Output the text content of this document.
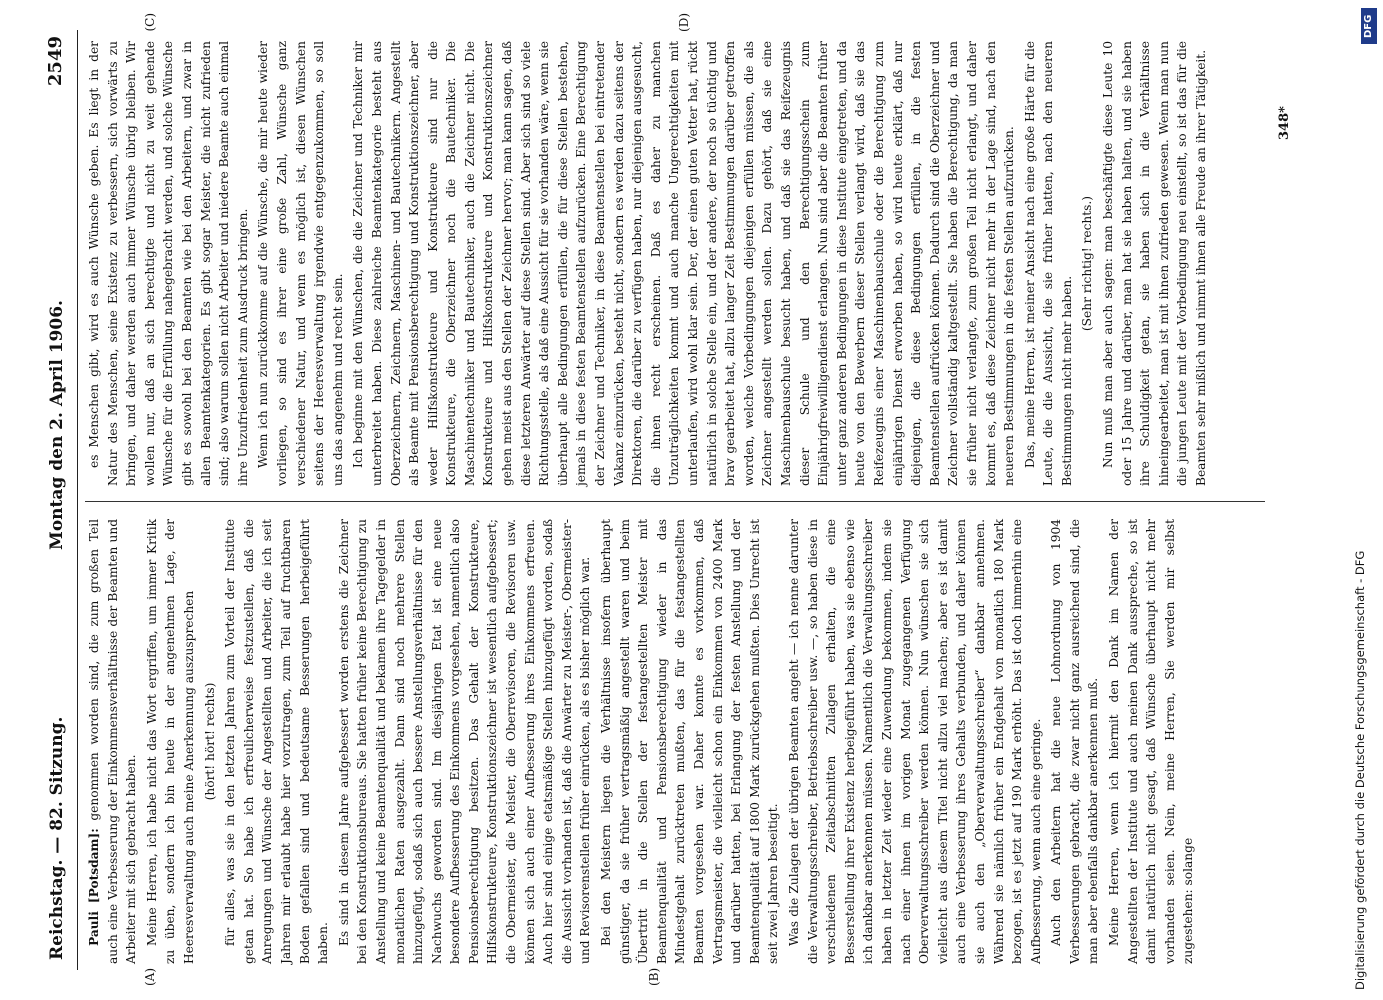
Reichstag. — 82. Sitzung.
Montag den 2. April 1906.
2549
(A)	(B)

Pauli [Potsdam]: genommen worden sind, die zum großen Teil auch eine Verbesserung der Einkommensverhältnisse der Beamten und Arbeiter mit sich gebracht haben. Meine Herren, ich habe nicht das Wort ergriffen, um immer Kritik zu üben, sondern ich bin heute in der angenehmen Lage, der Heeresverwaltung auch meine Anerkennung auszusprechen (hört! hört! rechts) für alles, was sie in den letzten Jahren zum Vorteil der Institute getan hat. So habe ich erfreulicherweise festzustellen, daß die Anregungen und Wünsche der Angestellten und Arbeiter, die ich seit Jahren mir erlaubt habe hier vorzutragen, zum Teil auf fruchtbaren Boden gefallen sind und bedeutsame Besserungen herbeigeführt haben. Es sind in diesem Jahre aufgebessert worden erstens die Zeichner bei den Konstruktionsbureaus. Sie hatten früher keine Berechtigung zu Anstellung und keine Beamtenqualität und bekamen ihre Tagegelder in monatlichen Raten ausgezahlt. Dann sind noch mehrere Stellen hinzugefügt, sodaß sich auch bessere Anstellungsverhältnisse für den Nachwuchs geworden sind. Im diesjährigen Etat ist eine neue besondere Aufbesserung des Einkommens vorgesehen, namentlich also Pensionsberechtigung besitzen. Das Gehalt der Konstrukteure, Hilfskonstrukteure, Konstruktionszeichner ist wesentlich aufgebessert; die Obermeister, die Meister, die Oberrevisoren, die Revisoren usw. können sich auch einer Aufbesserung ihres Einkommens erfreuen. Auch hier sind einige etatsmäßige Stellen hinzugefügt worden, sodaß die Aussicht vorhanden ist, daß die Anwärter zu Meister-, Obermeister- und Revisorenstellen früher einrücken, als es bisher möglich war. Bei den Meistern liegen die Verhältnisse insofern überhaupt günstiger, da sie früher vertragsmäßig angestellt waren und beim Übertritt in die Stellen der festangestellten Meister mit Beamtenqualität und Pensionsberechtigung wieder in das Mindestgehalt zurücktreten mußten, das für die festangestellten Beamten vorgesehen war. Daher konnte es vorkommen, daß Vertragsmeister, die vielleicht schon ein Einkommen von 2400 Mark und darüber hatten, bei Erlangung der festen Anstellung und der Beamtenqualität auf 1800 Mark zurückgehen mußten. Dies Unrecht ist seit zwei Jahren beseitigt. Was die Zulagen der übrigen Beamten angeht — ich nenne darunter die Verwaltungsschreiber, Betriebsschreiber usw. —, so haben diese in verschiedenen Zeitabschnitten Zulagen erhalten, die eine Besserstellung ihrer Existenz herbeigeführt haben, was sie ebenso wie ich dankbar anerkennen müssen. Namentlich die Verwaltungsschreiber haben in letzter Zeit wieder eine Zuwendung bekommen, indem sie nach einer ihnen im vorigen Monat zugegangenen Verfügung Oberverwaltungsschreiber werden können. Nun wünschen sie sich vielleicht aus diesem Titel nicht allzu viel machen; aber es ist damit auch eine Verbesserung ihres Gehalts verbunden, und daher können sie auch den „Oberverwaltungsschreiber“ dankbar annehmen. Während sie nämlich früher ein Endgehalt von monatlich 180 Mark bezogen, ist es jetzt auf 190 Mark erhöht. Das ist doch immerhin eine Aufbesserung, wenn auch eine geringe. Auch den Arbeitern hat die neue Lohnordnung von 1904 Verbesserungen gebracht, die zwar nicht ganz ausreichend sind, die man aber ebenfalls dankbar anerkennen muß. Meine Herren, wenn ich hiermit den Dank im Namen der Angestellten der Institute und auch meinen Dank ausspreche, so ist damit natürlich nicht gesagt, daß Wünsche überhaupt nicht mehr vorhanden seien. Nein, meine Herren, Sie werden mir selbst zugestehen: solange

(C)	(D)

es Menschen gibt, wird es auch Wünsche geben. Es liegt in der Natur des Menschen, seine Existenz zu verbessern, sich vorwärts zu bringen, und daher werden auch immer Wünsche übrig bleiben. Wir wollen nur, daß an sich berechtigte und nicht zu weit gehende Wünsche für die Erfüllung nahegebracht werden, und solche Wünsche gibt es sowohl bei den Beamten wie bei den Arbeitern, und zwar in allen Beamtenkategorien. Es gibt sogar Meister, die nicht zufrieden sind; also warum sollen nicht Arbeiter und niedere Beamte auch einmal ihre Unzufriedenheit zum Ausdruck bringen. Wenn ich nun zurückkomme auf die Wünsche, die mir heute wieder vorliegen, so sind es ihrer eine große Zahl, Wünsche ganz verschiedener Natur, und wenn es möglich ist, diesen Wünschen seitens der Heeresverwaltung irgendwie entgegenzukommen, so soll uns das angenehm und recht sein. Ich beginne mit den Wünschen, die die Zeichner und Techniker mir unterbreitet haben. Diese zahlreiche Beamtenkategorie besteht aus Oberzeichnern, Zeichnern, Maschinen- und Bautechnikern. Angestellt als Beamte mit Pensionsberechtigung und Konstruktionszeichner, aber weder Hilfskonstrukteure und Konstrukteure sind nur die Konstrukteure, die Oberzeichner noch die Bautechniker. Die Maschinentechniker und Bautechniker, auch die Zeichner nicht. Die Konstrukteure und Hilfskonstrukteure und Konstruktionszeichner gehen meist aus den Stellen der Zeichner hervor; man kann sagen, daß diese letzteren Anwärter auf diese Stellen sind. Aber sich sind so viele Richtungsstelle, als daß eine Aussicht für sie vorhanden wäre, wenn sie überhaupt alle Bedingungen erfüllen, die für diese Stellen bestehen, jemals in diese festen Beamtenstellen aufzurücken. Eine Berechtigung der Zeichner und Techniker, in diese Beamtenstellen bei eintretender Vakanz einzurücken, besteht nicht, sondern es werden dazu seitens der Direktoren, die darüber zu verfügen haben, nur diejenigen ausgesucht, die ihnen recht erscheinen. Daß es daher zu manchen Unzuträglichkeiten kommt und auch manche Ungerechtigkeiten mit unterlaufen, wird wohl klar sein. Der, der einen guten Vetter hat, rückt natürlich in solche Stelle ein, und der andere, der noch so tüchtig und brav gearbeitet hat, allzu langer Zeit Bestimmungen darüber getroffen worden, welche Vorbedingungen diejenigen erfüllen müssen, die als Zeichner angestellt werden sollen. Dazu gehört, daß sie eine Maschinenbauschule besucht haben, und daß sie das Reifezeugnis dieser Schule und den Berechtigungsschein zum Einjährigfreiwilligendienst erlangen. Nun sind aber die Beamten früher unter ganz anderen Bedingungen in diese Institute eingetreten, und da heute von den Bewerbern dieser Stellen verlangt wird, daß sie das Reifezeugnis einer Maschinenbauschule oder die Berechtigung zum einjährigen Dienst erworben haben, so wird heute erklärt, daß nur diejenigen, die diese Bedingungen erfüllen, in die festen Beamtenstellen aufrücken können. Dadurch sind die Oberzeichner und Zeichner vollständig kaltgestellt. Sie haben die Berechtigung, da man sie früher nicht verlangte, zum großen Teil nicht erlangt, und daher kommt es, daß diese Zeichner nicht mehr in der Lage sind, nach den neueren Bestimmungen in die festen Stellen aufzurücken. Das, meine Herren, ist meiner Ansicht nach eine große Härte für die Leute, die die Aussicht, die sie früher hatten, nach den neueren Bestimmungen nicht mehr haben.

(Sehr richtig! rechts.) Nun muß man aber auch sagen: man beschäftigte diese Leute 10 oder 15 Jahre und darüber, man hat sie haben halten, und sie haben ihre Schuldigkeit getan, sie haben sich in die Verhältnisse hineingearbeitet, man ist mit ihnen zufrieden gewesen. Wenn man nun die jungen Leute mit der Vorbedingung neu einstellt, so ist das für die Beamten sehr mißlich und nimmt ihnen alle Freude an ihrer Tätigkeit.	348*
Digitalisierung gefördert durch die Deutsche Forschungsgemeinschaft - DFG
DFG
